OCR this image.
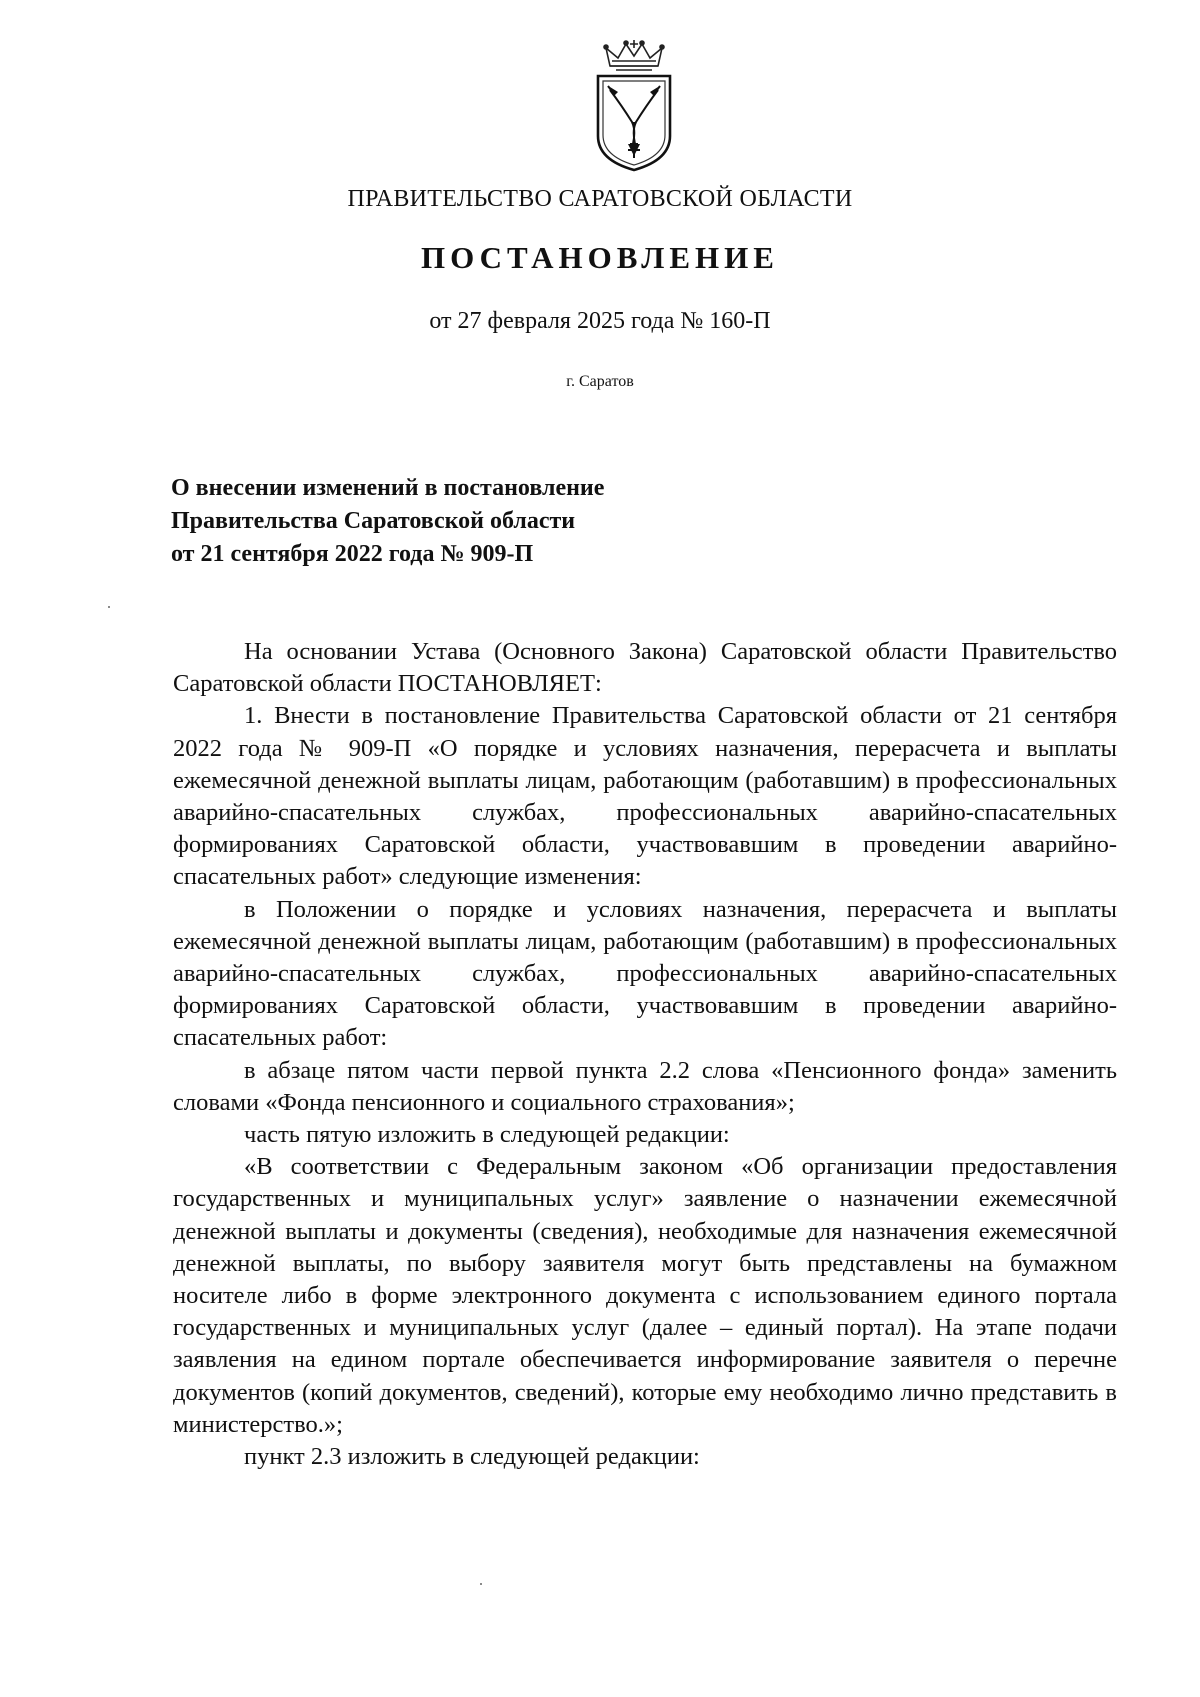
ПРАВИТЕЛЬСТВО САРАТОВСКОЙ ОБЛАСТИ
ПОСТАНОВЛЕНИЕ
от 27 февраля 2025 года № 160-П
г. Саратов
О внесении изменений в постановление
Правительства Саратовской области
от 21 сентября 2022 года № 909-П

На основании Устава (Основного Закона) Саратовской области Правительство Саратовской области ПОСТАНОВЛЯЕТ:

1. Внести в постановление Правительства Саратовской области от 21 сентября 2022 года № 909-П «О порядке и условиях назначения, перерасчета и выплаты ежемесячной денежной выплаты лицам, работающим (работавшим) в профессиональных аварийно-спасательных службах, профессиональных аварийно-спасательных формированиях Саратовской области, участвовавшим в проведении аварийно-спасательных работ» следующие изменения:

в Положении о порядке и условиях назначения, перерасчета и выплаты ежемесячной денежной выплаты лицам, работающим (работавшим) в профессиональных аварийно-спасательных службах, профессиональных аварийно-спасательных формированиях Саратовской области, участвовавшим в проведении аварийно-спасательных работ:

в абзаце пятом части первой пункта 2.2 слова «Пенсионного фонда» заменить словами «Фонда пенсионного и социального страхования»;

часть пятую изложить в следующей редакции:

«В соответствии с Федеральным законом «Об организации предоставления государственных и муниципальных услуг» заявление о назначении ежемесячной денежной выплаты и документы (сведения), необходимые для назначения ежемесячной денежной выплаты, по выбору заявителя могут быть представлены на бумажном носителе либо в форме электронного документа с использованием единого портала государственных и муниципальных услуг (далее – единый портал). На этапе подачи заявления на едином портале обеспечивается информирование заявителя о перечне документов (копий документов, сведений), которые ему необходимо лично представить в министерство.»;

пункт 2.3 изложить в следующей редакции:
